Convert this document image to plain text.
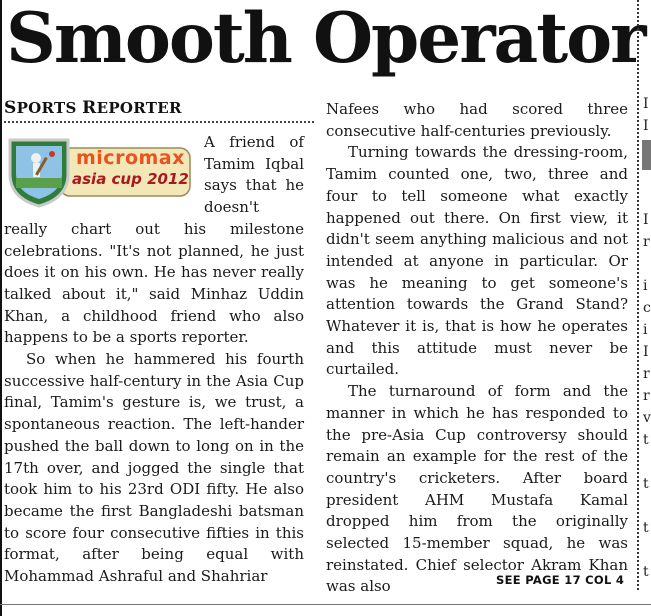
Smooth Operator
SPORTS REPORTER
micromax
asia cup 2012

A friend of Tamim Iqbal says that he doesn't really chart out his milestone celebrations. "It's not planned, he just does it on his own. He has never really talked about it," said Minhaz Uddin Khan, a childhood friend who also happens to be a sports reporter.

So when he hammered his fourth successive half-century in the Asia Cup final, Tamim's gesture is, we trust, a spontaneous reaction. The left-hander pushed the ball down to long on in the 17th over, and jogged the single that took him to his 23rd ODI fifty. He also became the first Bangladeshi batsman to score four consecutive fifties in this format, after being equal with Mohammad Ashraful and Shahriar

Nafees who had scored three consecutive half-centuries previously.

Turning towards the dressing-room, Tamim counted one, two, three and four to tell someone what exactly happened out there. On first view, it didn't seem anything malicious and not intended at anyone in particular. Or was he meaning to get someone's attention towards the Grand Stand? Whatever it is, that is how he operates and this attitude must never be curtailed.

The turnaround of form and the manner in which he has responded to the pre-Asia Cup controversy should remain an example for the rest of the country's cricketers. After board president AHM Mustafa Kamal dropped him from the originally selected 15-member squad, he was reinstated. Chief selector Akram Khan was also	SEE PAGE 17 COL 4
I
I
I
r
i
c
i
I
r
r
v
t
t
t
t
